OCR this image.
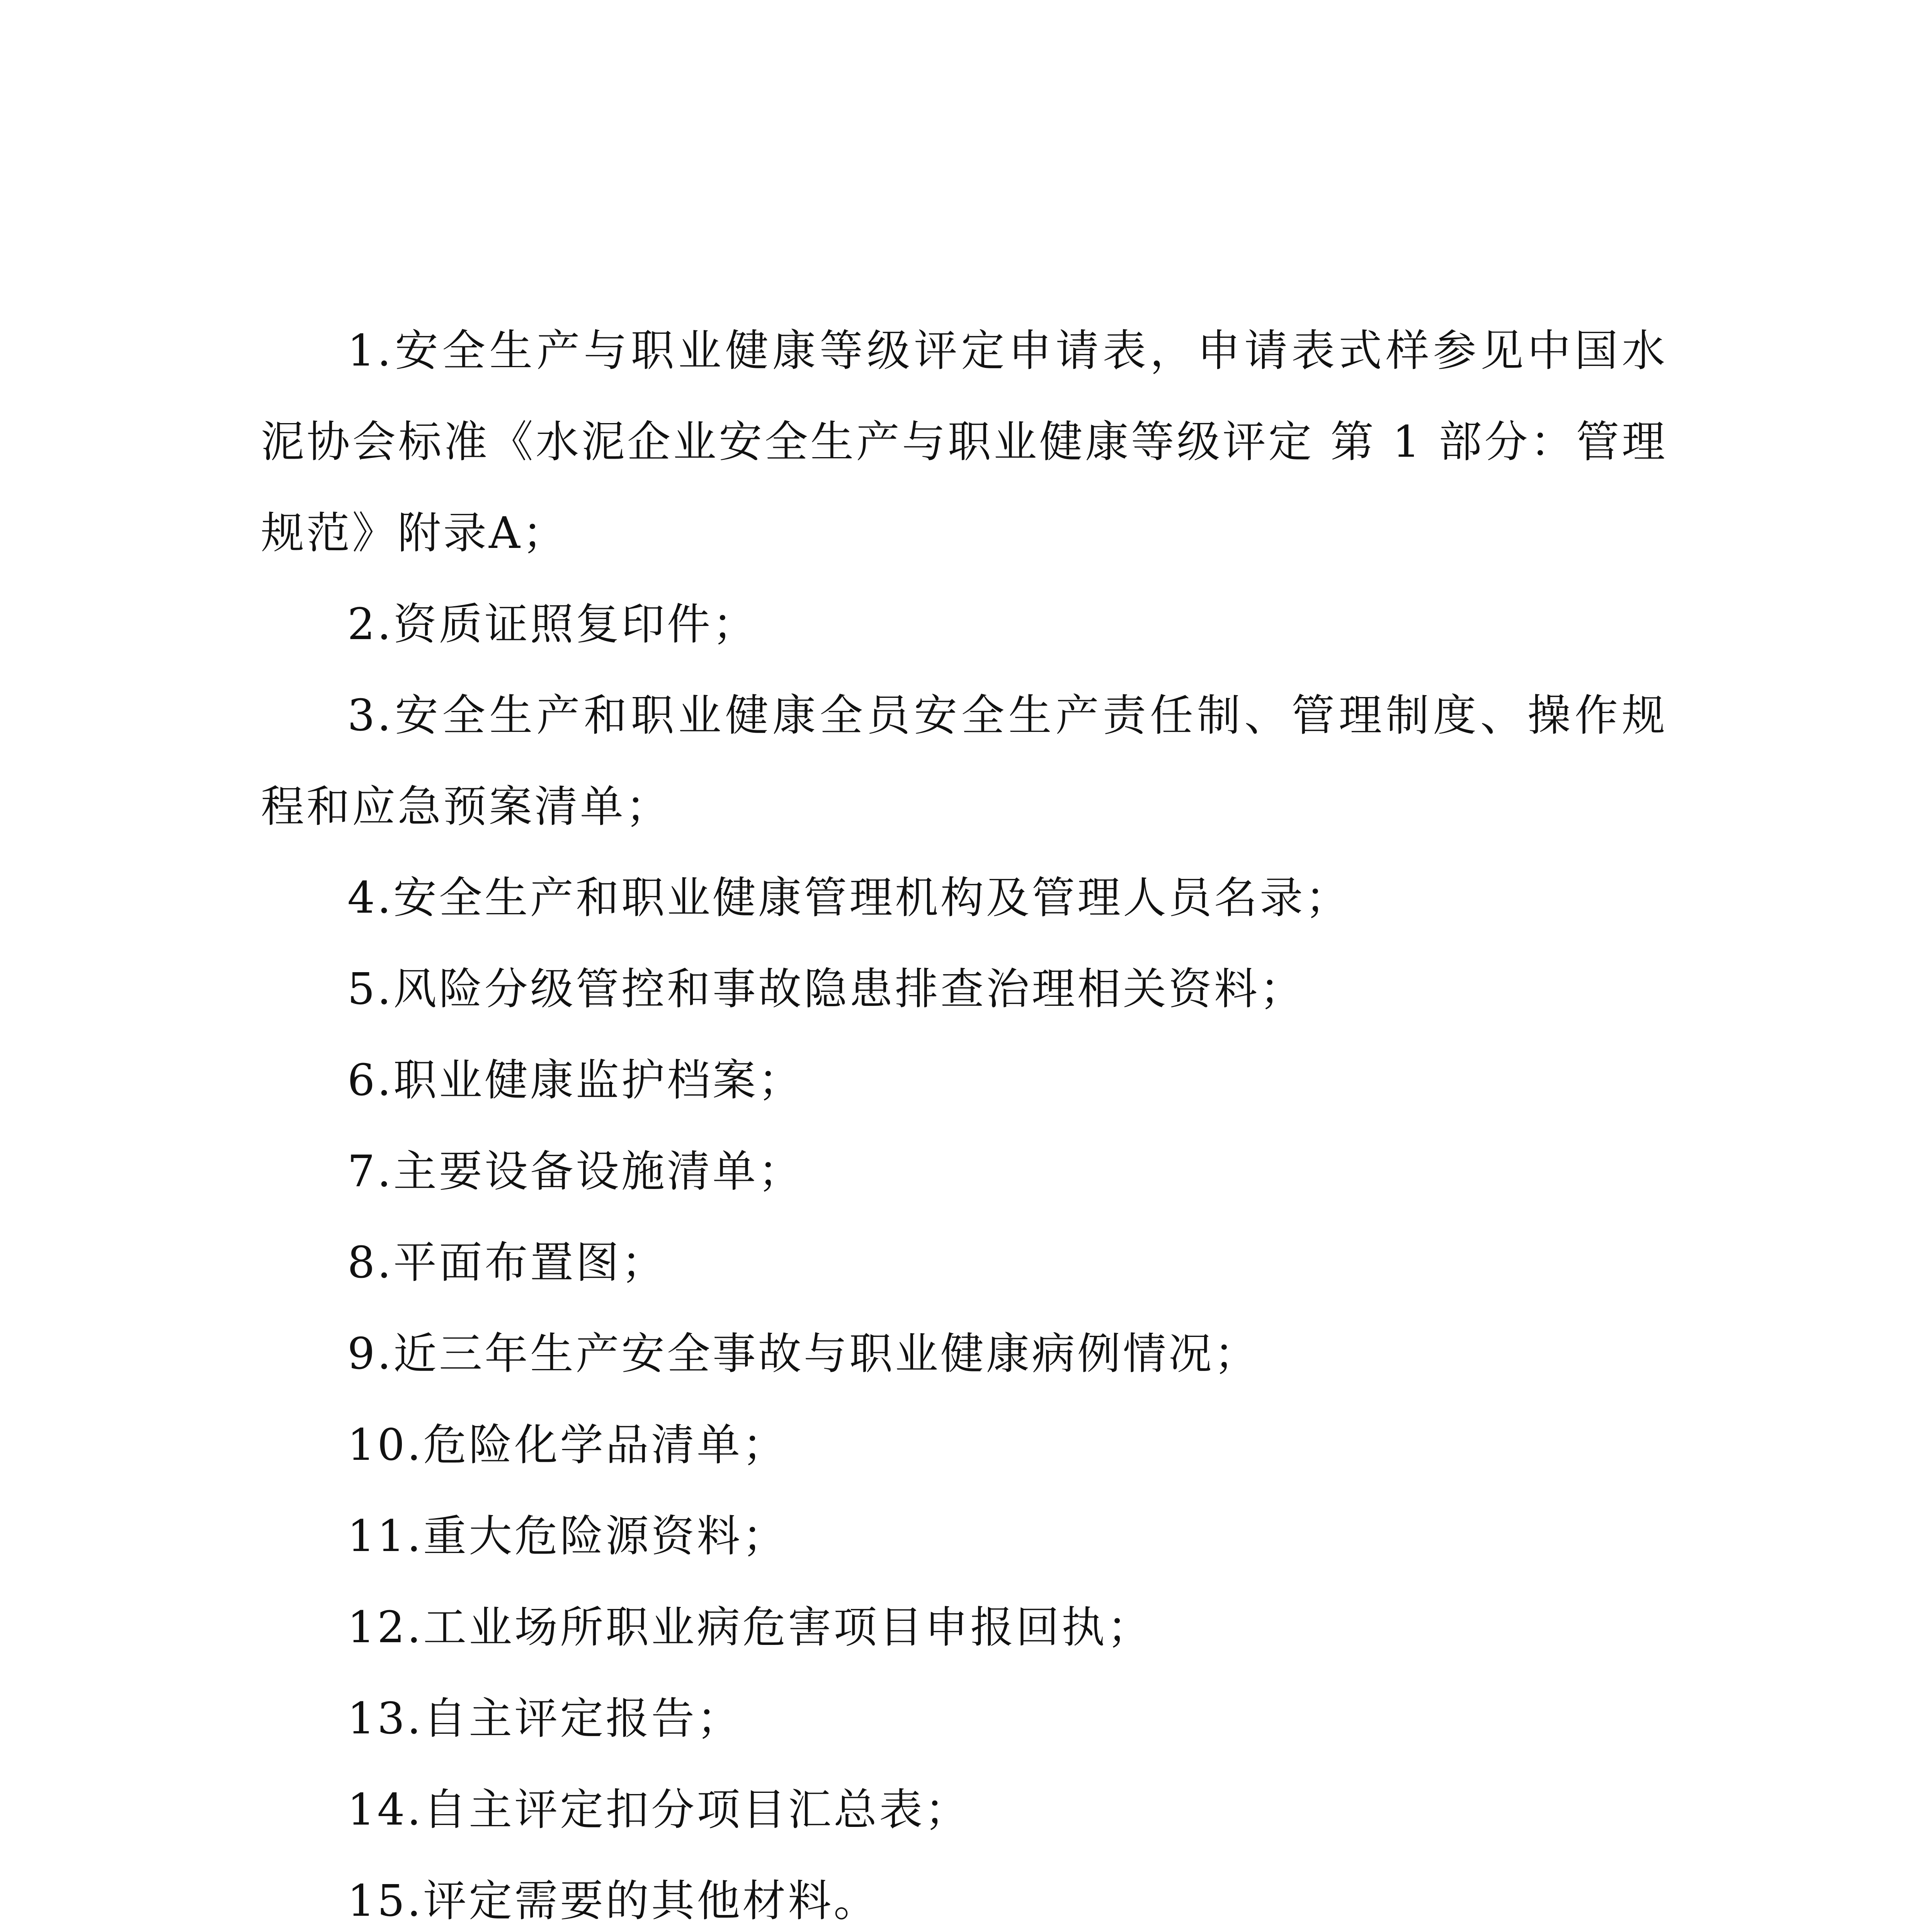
1.安全生产与职业健康等级评定申请表，申请表式样参见中国水泥协会标准《水泥企业安全生产与职业健康等级评定 第 1 部分：管理规范》附录A；

2.资质证照复印件；

3.安全生产和职业健康全员安全生产责任制、管理制度、操作规程和应急预案清单；

4.安全生产和职业健康管理机构及管理人员名录；

5.风险分级管控和事故隐患排查治理相关资料；

6.职业健康监护档案；

7.主要设备设施清单；

8.平面布置图；

9.近三年生产安全事故与职业健康病例情况；

10.危险化学品清单；

11.重大危险源资料；

12.工业场所职业病危害项目申报回执；

13.自主评定报告；

14.自主评定扣分项目汇总表；

15.评定需要的其他材料。
